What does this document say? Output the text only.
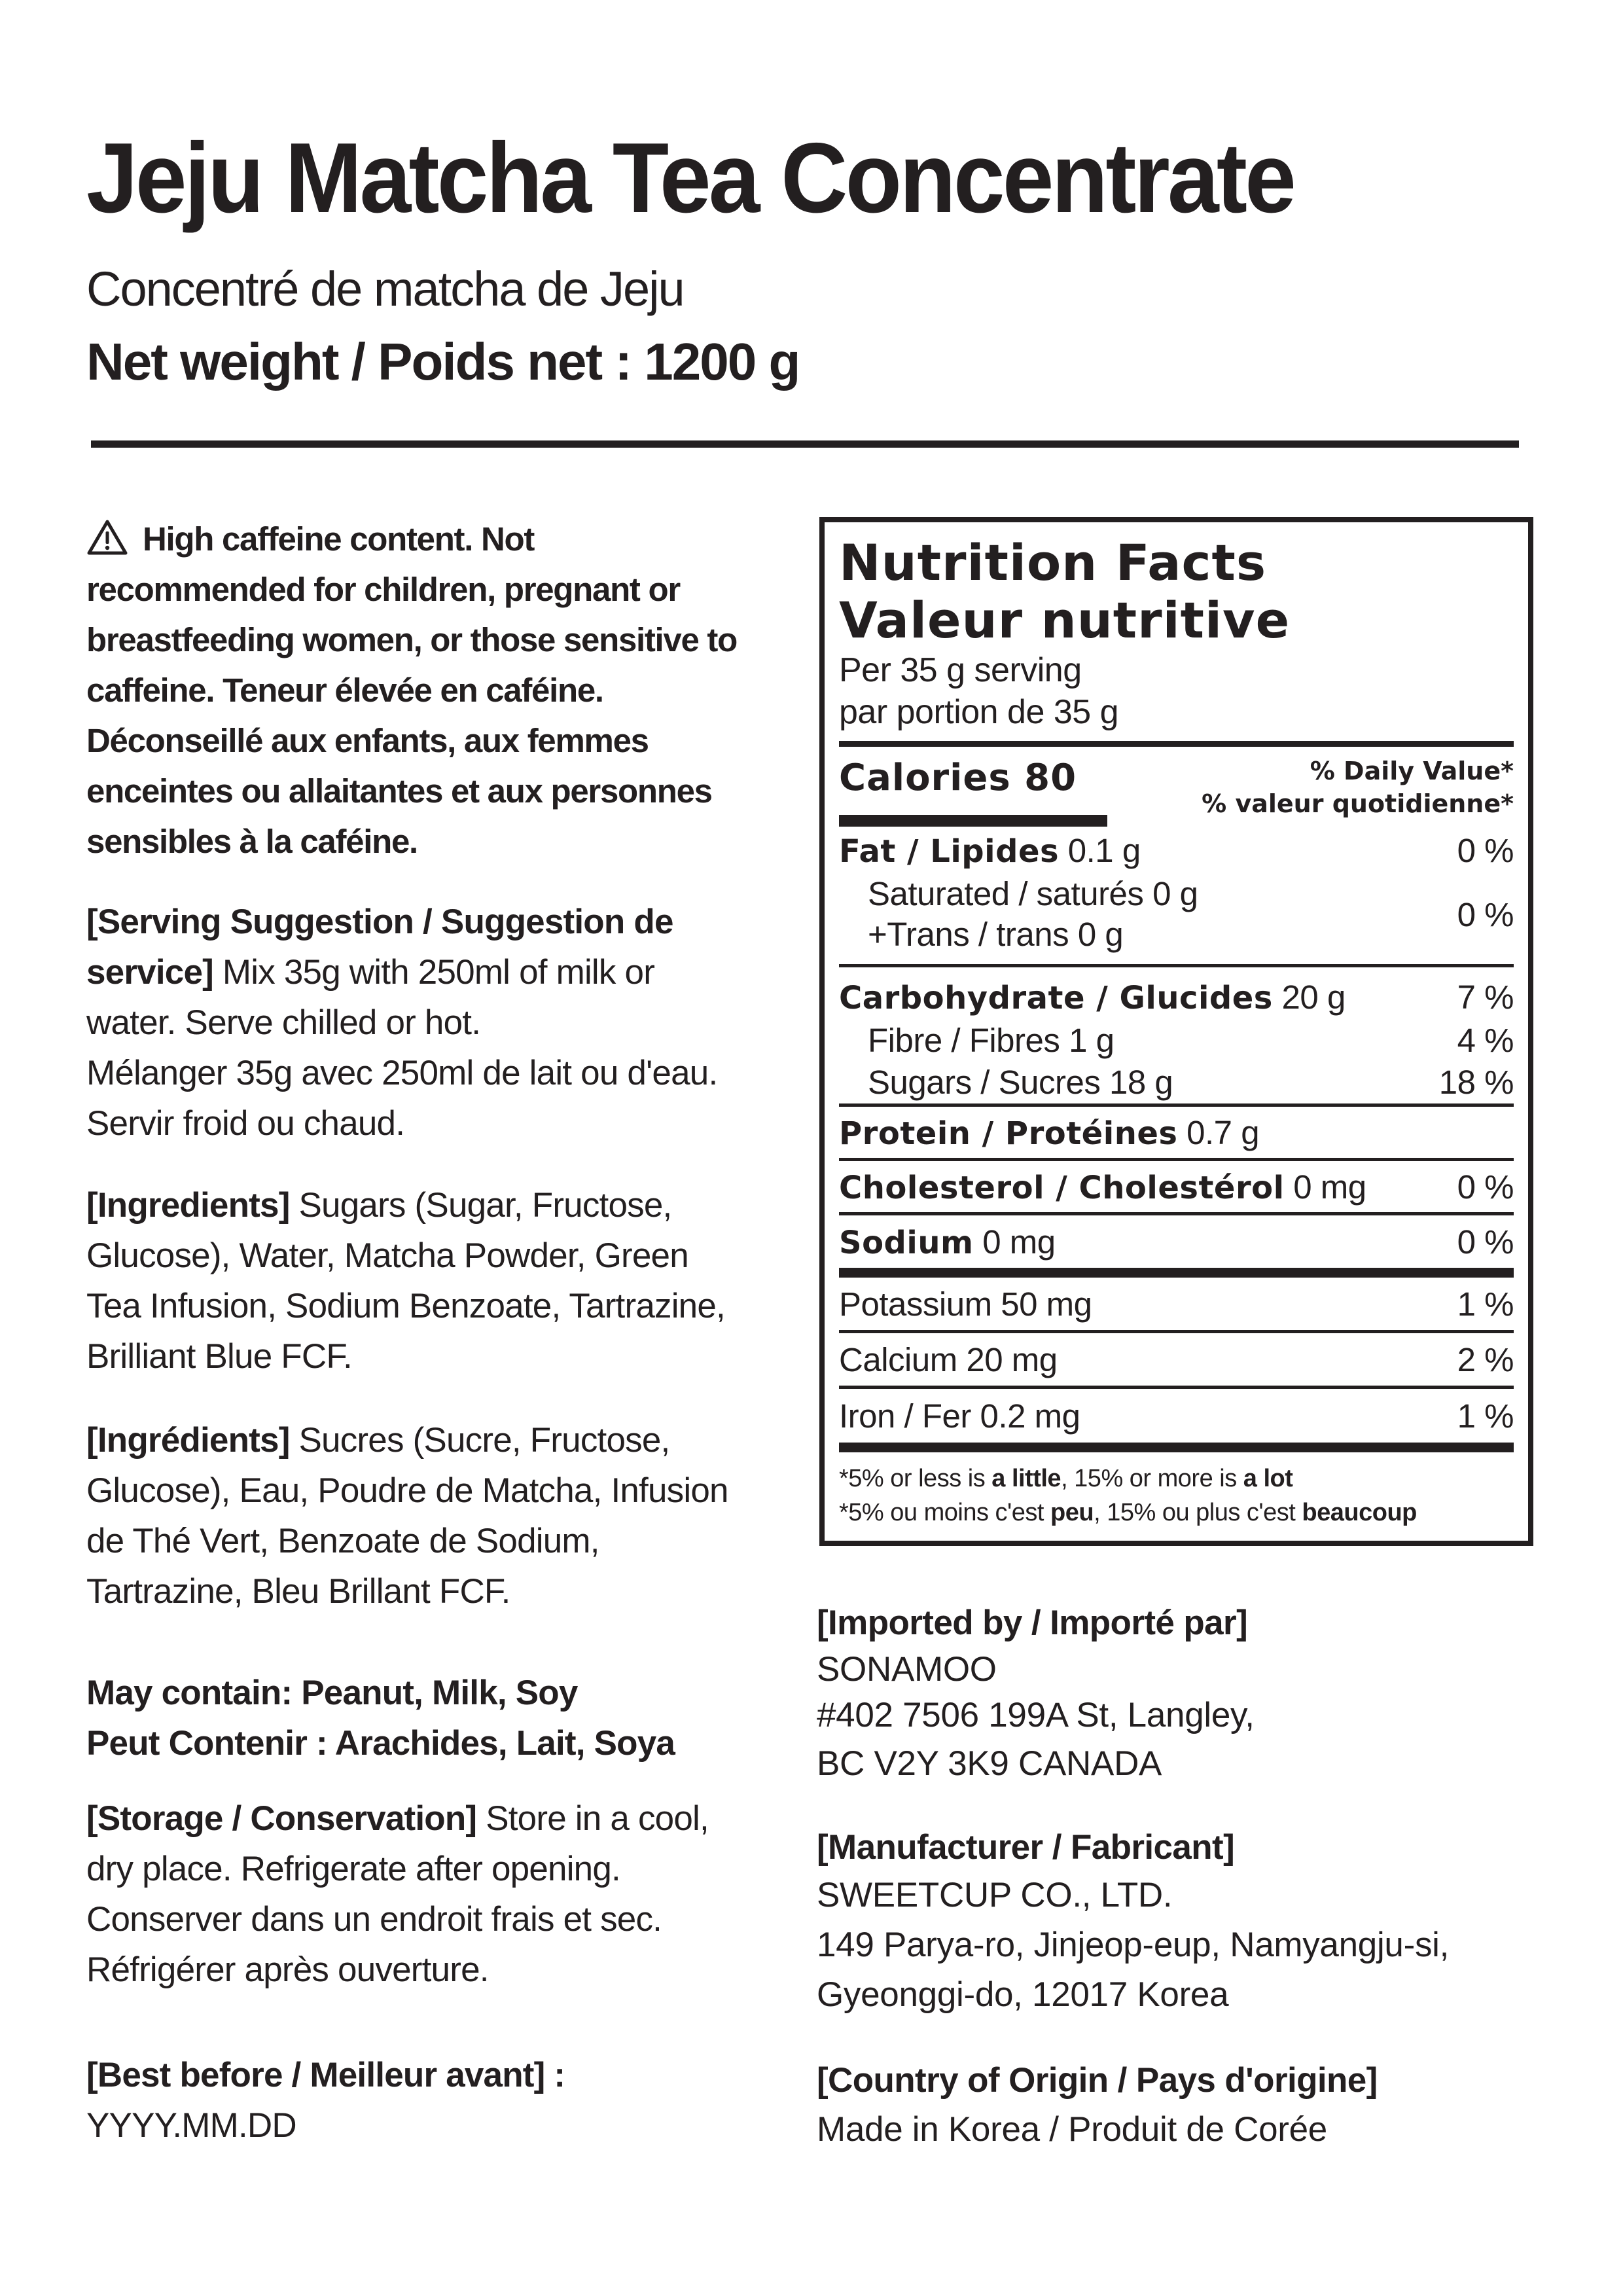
Jeju Matcha Tea Concentrate
Concentré de matcha de Jeju
Net weight / Poids net : 1200 g
High caffeine content. Not
recommended for children, pregnant or
breastfeeding women, or those sensitive to
caffeine. Teneur élevée en caféine.
Déconseillé aux enfants, aux femmes
enceintes ou allaitantes et aux personnes
sensibles à la caféine.
[Serving Suggestion / Suggestion de
service] Mix 35g with 250ml of milk or
water. Serve chilled or hot.
Mélanger 35g avec 250ml de lait ou d'eau.
Servir froid ou chaud.
[Ingredients] Sugars (Sugar, Fructose,
Glucose), Water, Matcha Powder, Green
Tea Infusion, Sodium Benzoate, Tartrazine,
Brilliant Blue FCF.
[Ingrédients] Sucres (Sucre, Fructose,
Glucose), Eau, Poudre de Matcha, Infusion
de Thé Vert, Benzoate de Sodium,
Tartrazine, Bleu Brillant FCF.
May contain: Peanut, Milk, Soy
Peut Contenir : Arachides, Lait, Soya
[Storage / Conservation] Store in a cool,
dry place. Refrigerate after opening.
Conserver dans un endroit frais et sec.
Réfrigérer après ouverture.
[Best before / Meilleur avant] :
YYYY.MM.DD
Nutrition Facts
Valeur nutritive
Per 35 g serving
par portion de 35 g
Calories 80	% Daily Value*
% valeur quotidienne*
Fat / Lipides 0.1 g	0 %
Saturated / saturés 0 g
+Trans / trans 0 g
0 %
Carbohydrate / Glucides 20 g	7 %
Fibre / Fibres 1 g	4 %
Sugars / Sucres 18 g	18 %
Protein / Protéines 0.7 g
Cholesterol / Cholestérol 0 mg	0 %
Sodium 0 mg	0 %
Potassium 50 mg	1 %
Calcium 20 mg	2 %
Iron / Fer 0.2 mg	1 %
*5% or less is a little, 15% or more is a lot
*5% ou moins c'est peu, 15% ou plus c'est beaucoup
[Imported by / Importé par]
SONAMOO
#402 7506 199A St, Langley,
BC V2Y 3K9 CANADA
[Manufacturer / Fabricant]
SWEETCUP CO., LTD.
149 Parya-ro, Jinjeop-eup, Namyangju-si,
Gyeonggi-do, 12017 Korea
[Country of Origin / Pays d'origine]
Made in Korea / Produit de Corée
